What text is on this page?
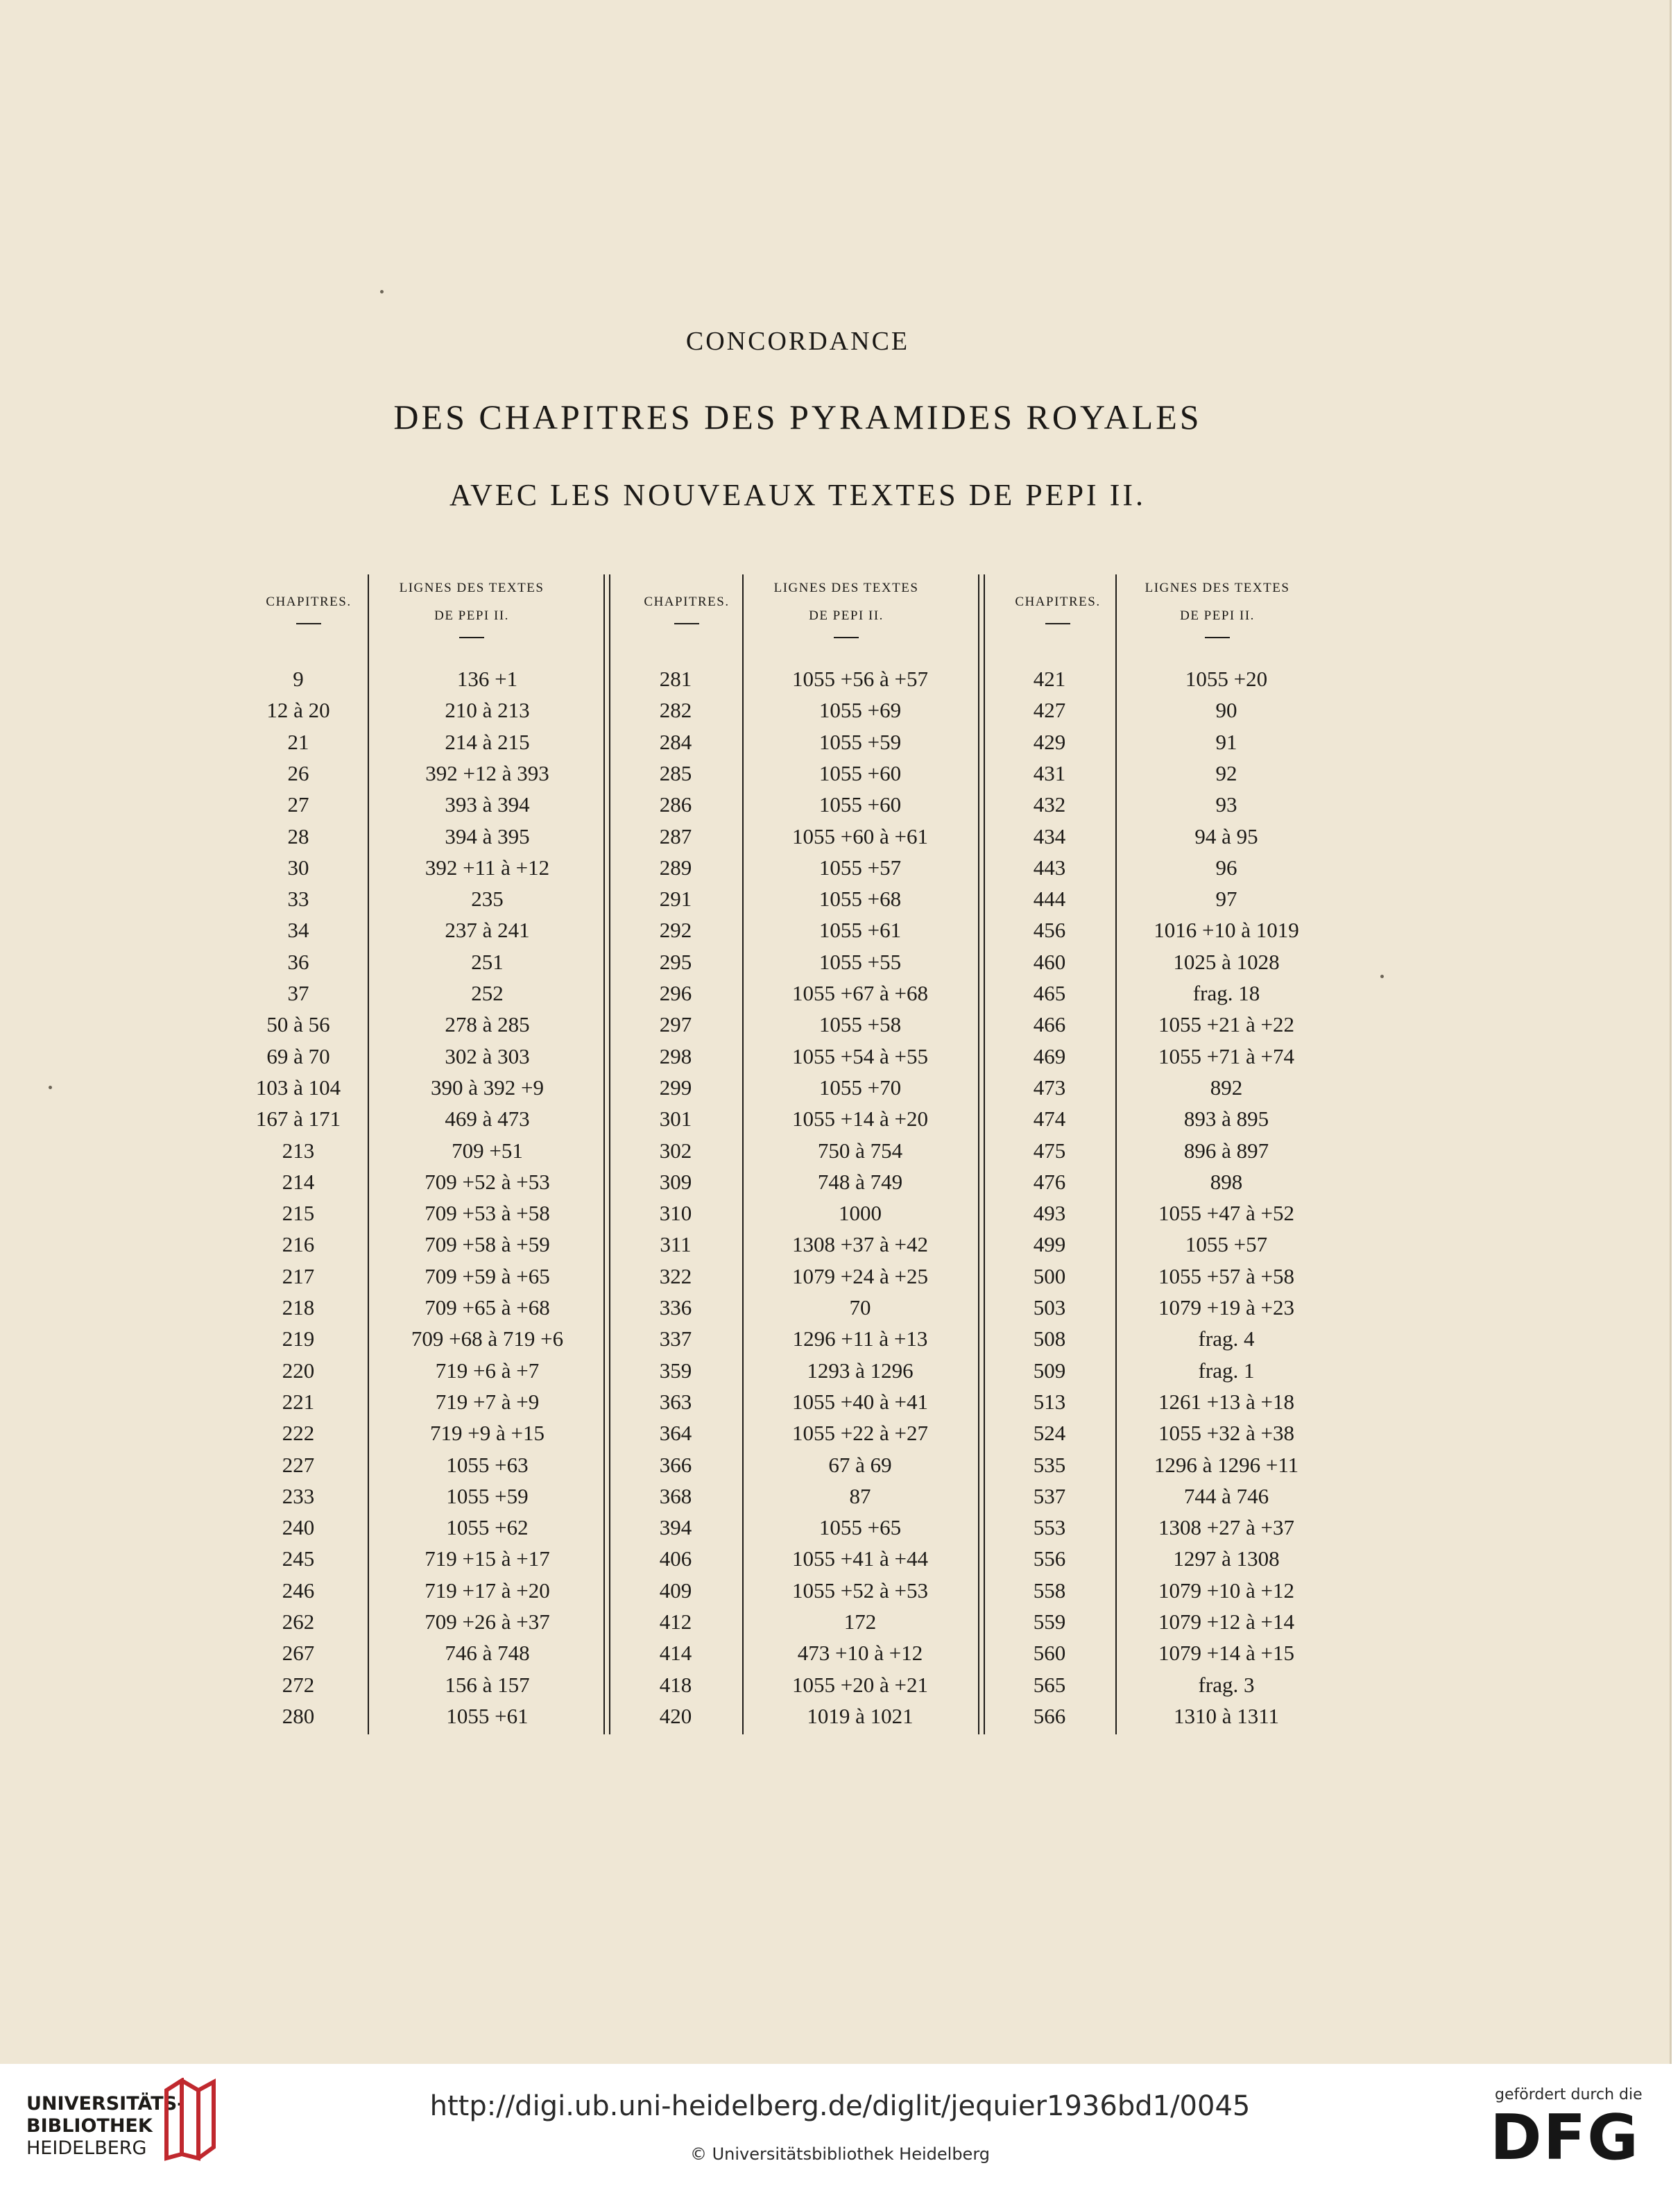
CONCORDANCE
DES CHAPITRES DES PYRAMIDES ROYALES
AVEC LES NOUVEAUX TEXTES DE PEPI II.
CHAPITRES.
LIGNES DES TEXTES
DE PEPI II.
CHAPITRES.
LIGNES DES TEXTES
DE PEPI II.
CHAPITRES.
LIGNES DES TEXTES
DE PEPI II.
9
12 à 20
21
26
27
28
30
33
34
36
37
50 à 56
69 à 70
103 à 104
167 à 171
213
214
215
216
217
218
219
220
221
222
227
233
240
245
246
262
267
272
280
136 +1
210 à 213
214 à 215
392 +12 à 393
393 à 394
394 à 395
392 +11 à +12
235
237 à 241
251
252
278 à 285
302 à 303
390 à 392 +9
469 à 473
709 +51
709 +52 à +53
709 +53 à +58
709 +58 à +59
709 +59 à +65
709 +65 à +68
709 +68 à 719 +6
719 +6 à +7
719 +7 à +9
719 +9 à +15
1055 +63
1055 +59
1055 +62
719 +15 à +17
719 +17 à +20
709 +26 à +37
746 à 748
156 à 157
1055 +61
281
282
284
285
286
287
289
291
292
295
296
297
298
299
301
302
309
310
311
322
336
337
359
363
364
366
368
394
406
409
412
414
418
420
1055 +56 à +57
1055 +69
1055 +59
1055 +60
1055 +60
1055 +60 à +61
1055 +57
1055 +68
1055 +61
1055 +55
1055 +67 à +68
1055 +58
1055 +54 à +55
1055 +70
1055 +14 à +20
750 à 754
748 à 749
1000
1308 +37 à +42
1079 +24 à +25
70
1296 +11 à +13
1293 à 1296
1055 +40 à +41
1055 +22 à +27
67 à 69
87
1055 +65
1055 +41 à +44
1055 +52 à +53
172
473 +10 à +12
1055 +20 à +21
1019 à 1021
421
427
429
431
432
434
443
444
456
460
465
466
469
473
474
475
476
493
499
500
503
508
509
513
524
535
537
553
556
558
559
560
565
566
1055 +20
90
91
92
93
94 à 95
96
97
1016 +10 à 1019
1025 à 1028
frag. 18
1055 +21 à +22
1055 +71 à +74
892
893 à 895
896 à 897
898
1055 +47 à +52
1055 +57
1055 +57 à +58
1079 +19 à +23
frag. 4
frag. 1
1261 +13 à +18
1055 +32 à +38
1296 à 1296 +11
744 à 746
1308 +27 à +37
1297 à 1308
1079 +10 à +12
1079 +12 à +14
1079 +14 à +15
frag. 3
1310 à 1311
UNIVERSITÄTS-
BIBLIOTHEK
HEIDELBERG
http://digi.ub.uni-heidelberg.de/diglit/jequier1936bd1/0045
© Universitätsbibliothek Heidelberg
gefördert durch die
DFG
